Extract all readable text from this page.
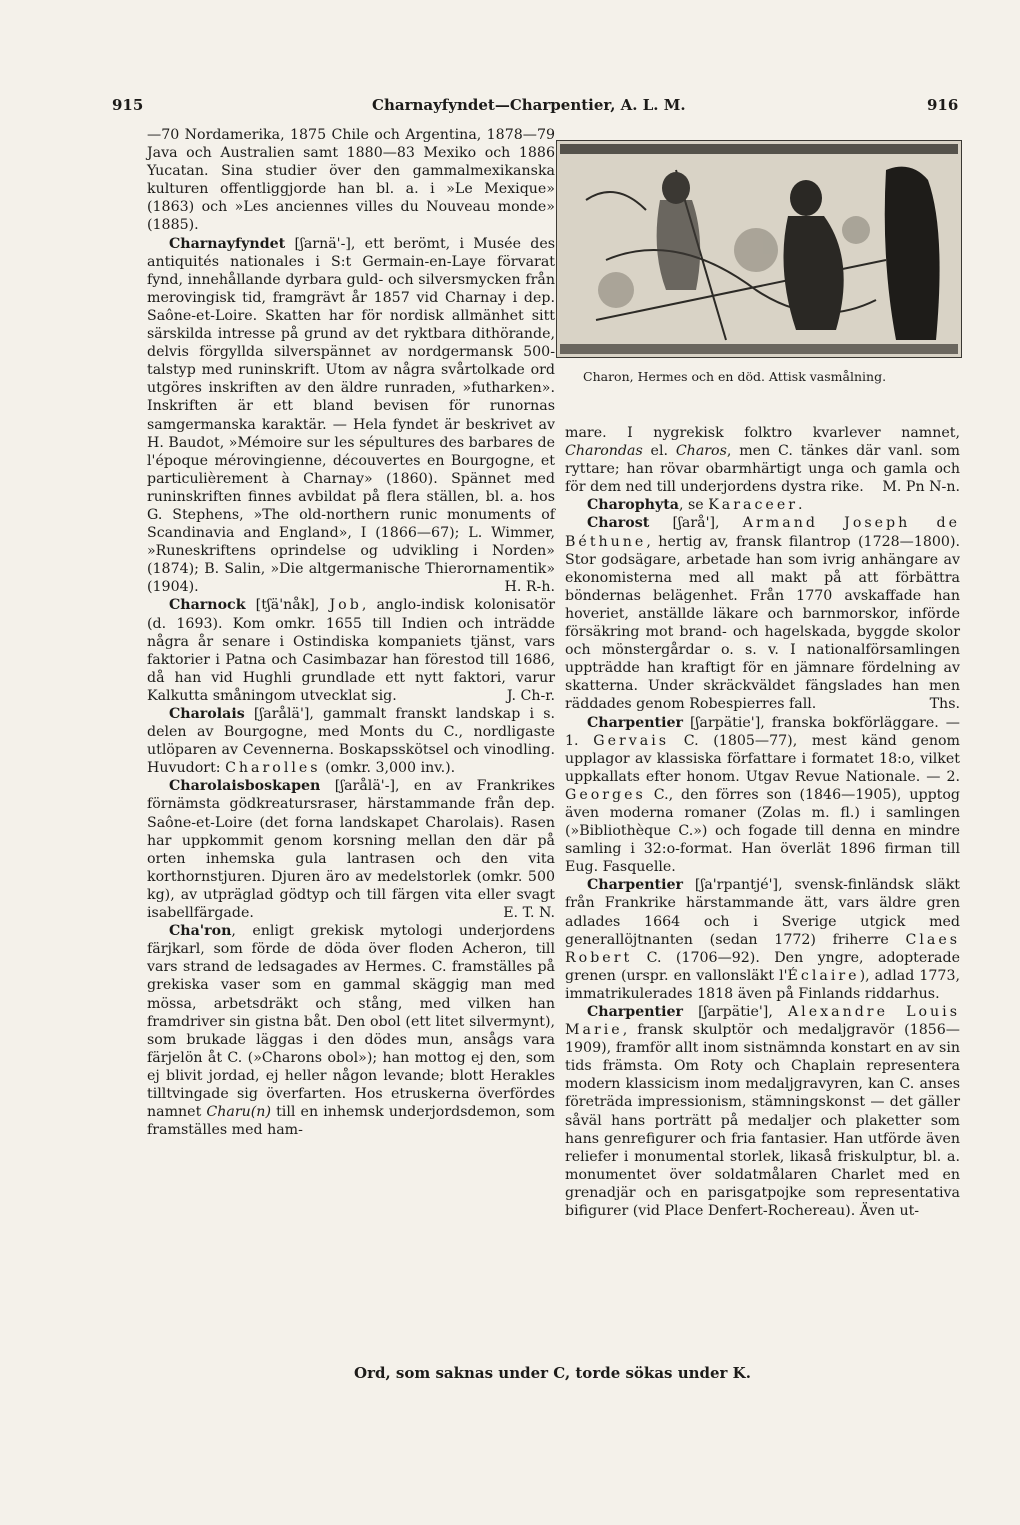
915	Charnayfyndet—Charpentier, A. L. M.	916

—70 Nordamerika, 1875 Chile och Argentina, 1878—79 Java och Australien samt 1880—83 Mexiko och 1886 Yucatan. Sina studier över den gammalmexikanska kulturen offentliggjorde han bl. a. i »Le Mexique» (1863) och »Les anciennes villes du Nouveau monde» (1885).

Charnayfyndet [ʃarnä'-], ett berömt, i Musée des antiquités nationales i S:t Germain-en-Laye förvarat fynd, innehållande dyrbara guld- och silversmycken från merovingisk tid, framgrävt år 1857 vid Charnay i dep. Saône-et-Loire. Skatten har för nordisk allmänhet sitt särskilda intresse på grund av det ryktbara dithörande, delvis förgyllda silverspännet av nordgermansk 500-talstyp med runinskrift. Utom av några svårtolkade ord utgöres inskriften av den äldre runraden, »futharken». Inskriften är ett bland bevisen för runornas samgermanska karaktär. — Hela fyndet är beskrivet av H. Baudot, »Mémoire sur les sépultures des barbares de l'époque mérovingienne, découvertes en Bourgogne, et particulièrement à Charnay» (1860). Spännet med runinskriften finnes avbildat på flera ställen, bl. a. hos G. Stephens, »The old-northern runic monuments of Scandinavia and England», I (1866—67); L. Wimmer, »Runeskriftens oprindelse og udvikling i Norden» (1874); B. Salin, »Die altgermanische Thierornamentik» (1904).	H. R-h.

Charnock [tʃä'nåk], Job, anglo-indisk kolonisatör (d. 1693). Kom omkr. 1655 till Indien och inträdde några år senare i Ostindiska kompaniets tjänst, vars faktorier i Patna och Casimbazar han förestod till 1686, då han vid Hughli grundlade ett nytt faktori, varur Kalkutta småningom utvecklat sig.	J. Ch-r.

Charolais [ʃarålä'], gammalt franskt landskap i s. delen av Bourgogne, med Monts du C., nordligaste utlöparen av Cevennerna. Boskapsskötsel och vinodling. Huvudort: Charolles (omkr. 3,000 inv.).

Charolaisboskapen [ʃarålä'-], en av Frankrikes förnämsta gödkreatursraser, härstammande från dep. Saône-et-Loire (det forna landskapet Charolais). Rasen har uppkommit genom korsning mellan den där på orten inhemska gula lantrasen och den vita korthornstjuren. Djuren äro av medelstorlek (omkr. 500 kg), av utpräglad gödtyp och till färgen vita eller svagt isabellfärgade.	E. T. N.

Cha'ron, enligt grekisk mytologi underjordens färjkarl, som förde de döda över floden Acheron, till vars strand de ledsagades av Hermes. C. framställes på grekiska vaser som en gammal skäggig man med mössa, arbetsdräkt och stång, med vilken han framdriver sin gistna båt. Den obol (ett litet silvermynt), som brukade läggas i den dödes mun, ansågs vara färjelön åt C. (»Charons obol»); han mottog ej den, som ej blivit jordad, ej heller någon levande; blott Herakles tilltvingade sig överfarten. Hos etruskerna överfördes namnet Charu(n) till en inhemsk underjordsdemon, som framställes med ham-

Charon, Hermes och en död. Attisk vasmålning.

mare. I nygrekisk folktro kvarlever namnet, Charondas el. Charos, men C. tänkes där vanl. som ryttare; han rövar obarmhärtigt unga och gamla och för dem ned till underjordens dystra rike. M. Pn N-n.

Charophyta, se Karaceer.

Charost [ʃarå'], Armand Joseph de Béthune, hertig av, fransk filantrop (1728—1800). Stor godsägare, arbetade han som ivrig anhängare av ekonomisterna med all makt på att förbättra böndernas belägenhet. Från 1770 avskaffade han hoveriet, anställde läkare och barnmorskor, införde försäkring mot brand- och hagelskada, byggde skolor och mönstergårdar o. s. v. I nationalförsamlingen uppträdde han kraftigt för en jämnare fördelning av skatterna. Under skräckväldet fängslades han men räddades genom Robespierres fall.	Ths.

Charpentier [ʃarpätie'], franska bokförläggare. — 1. Gervais C. (1805—77), mest känd genom upplagor av klassiska författare i formatet 18:o, vilket uppkallats efter honom. Utgav Revue Nationale. — 2. Georges C., den förres son (1846—1905), upptog även moderna romaner (Zolas m. fl.) i samlingen (»Bibliothèque C.») och fogade till denna en mindre samling i 32:o-format. Han överlät 1896 firman till Eug. Fasquelle.

Charpentier [ʃa'rpantjé'], svensk-finländsk släkt från Frankrike härstammande ätt, vars äldre gren adlades 1664 och i Sverige utgick med generallöjtnanten (sedan 1772) friherre Claes Robert C. (1706—92). Den yngre, adopterade grenen (urspr. en vallonsläkt l'Éclaire), adlad 1773, immatrikulerades 1818 även på Finlands riddarhus.

Charpentier [ʃarpätie'], Alexandre Louis Marie, fransk skulptör och medaljgravör (1856—1909), framför allt inom sistnämnda konstart en av sin tids främsta. Om Roty och Chaplain representera modern klassicism inom medaljgravyren, kan C. anses företräda impressionism, stämningskonst — det gäller såväl hans porträtt på medaljer och plaketter som hans genrefigurer och fria fantasier. Han utförde även reliefer i monumental storlek, likaså friskulptur, bl. a. monumentet över soldatmålaren Charlet med en grenadjär och en parisgatpojke som representativa bifigurer (vid Place Denfert-Rochereau). Även ut-

Ord, som saknas under C, torde sökas under K.
